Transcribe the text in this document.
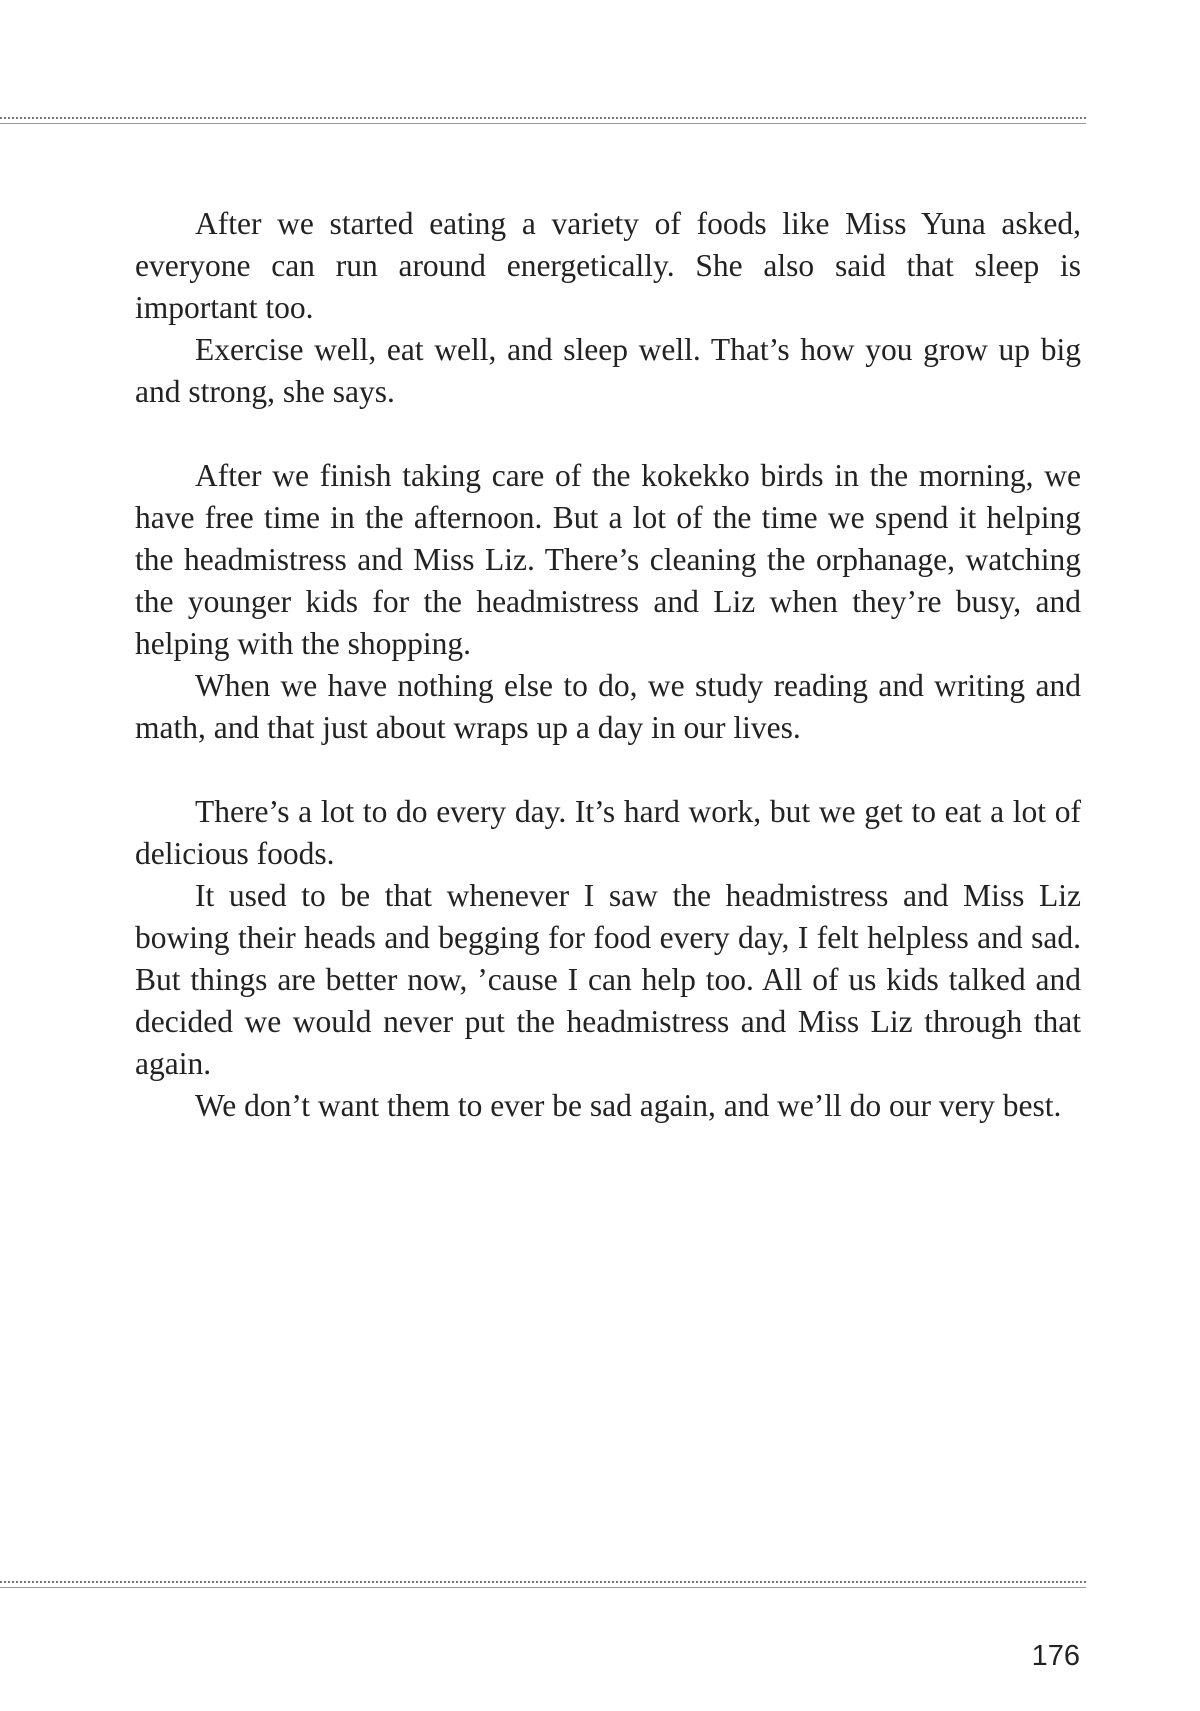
After we started eating a variety of foods like Miss Yuna asked, everyone can run around energetically. She also said that sleep is important too.

Exercise well, eat well, and sleep well. That’s how you grow up big and strong, she says.

After we finish taking care of the kokekko birds in the morning, we have free time in the afternoon. But a lot of the time we spend it helping the headmistress and Miss Liz. There’s cleaning the orphanage, watching the younger kids for the headmistress and Liz when they’re busy, and helping with the shopping.

When we have nothing else to do, we study reading and writing and math, and that just about wraps up a day in our lives.

There’s a lot to do every day. It’s hard work, but we get to eat a lot of delicious foods.

It used to be that whenever I saw the headmistress and Miss Liz bowing their heads and begging for food every day, I felt helpless and sad. But things are better now, ’cause I can help too. All of us kids talked and decided we would never put the headmistress and Miss Liz through that again.

We don’t want them to ever be sad again, and we’ll do our very best.

176
